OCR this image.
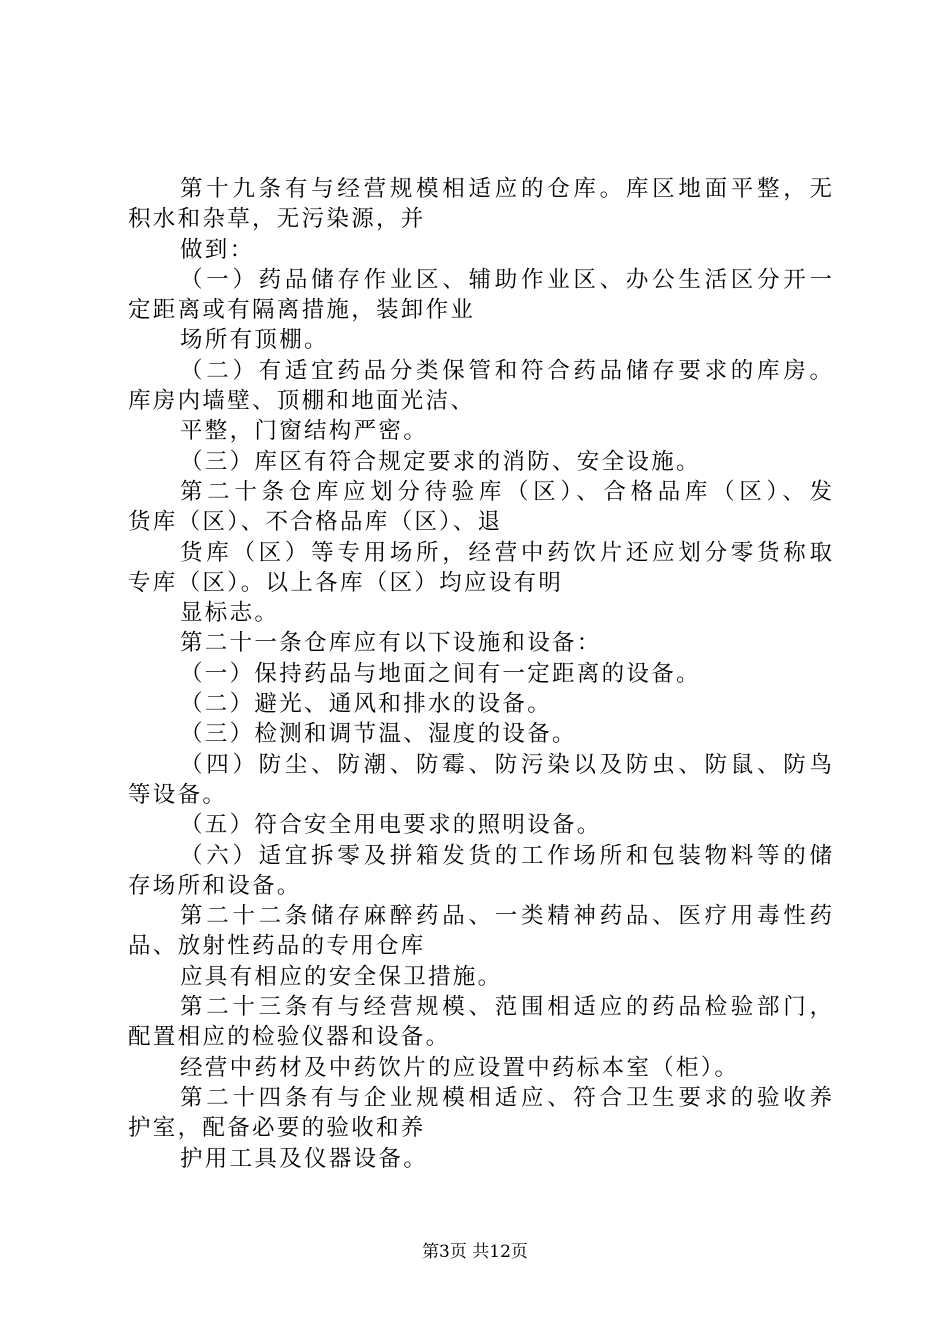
第十九条有与经营规模相适应的仓库。库区地面平整，无
积水和杂草，无污染源，并
做到：
（一）药品储存作业区、辅助作业区、办公生活区分开一
定距离或有隔离措施，装卸作业
场所有顶棚。
（二）有适宜药品分类保管和符合药品储存要求的库房。
库房内墙壁、顶棚和地面光洁、
平整，门窗结构严密。
（三）库区有符合规定要求的消防、安全设施。
第二十条仓库应划分待验库（区）、合格品库（区）、发
货库（区）、不合格品库（区）、退
货库（区）等专用场所，经营中药饮片还应划分零货称取
专库（区）。以上各库（区）均应设有明
显标志。
第二十一条仓库应有以下设施和设备：
（一）保持药品与地面之间有一定距离的设备。
（二）避光、通风和排水的设备。
（三）检测和调节温、湿度的设备。
（四）防尘、防潮、防霉、防污染以及防虫、防鼠、防鸟
等设备。
（五）符合安全用电要求的照明设备。
（六）适宜拆零及拼箱发货的工作场所和包装物料等的储
存场所和设备。
第二十二条储存麻醉药品、一类精神药品、医疗用毒性药
品、放射性药品的专用仓库
应具有相应的安全保卫措施。
第二十三条有与经营规模、范围相适应的药品检验部门，
配置相应的检验仪器和设备。
经营中药材及中药饮片的应设置中药标本室（柜）。
第二十四条有与企业规模相适应、符合卫生要求的验收养
护室，配备必要的验收和养
护用工具及仪器设备。
第3页 共12页
